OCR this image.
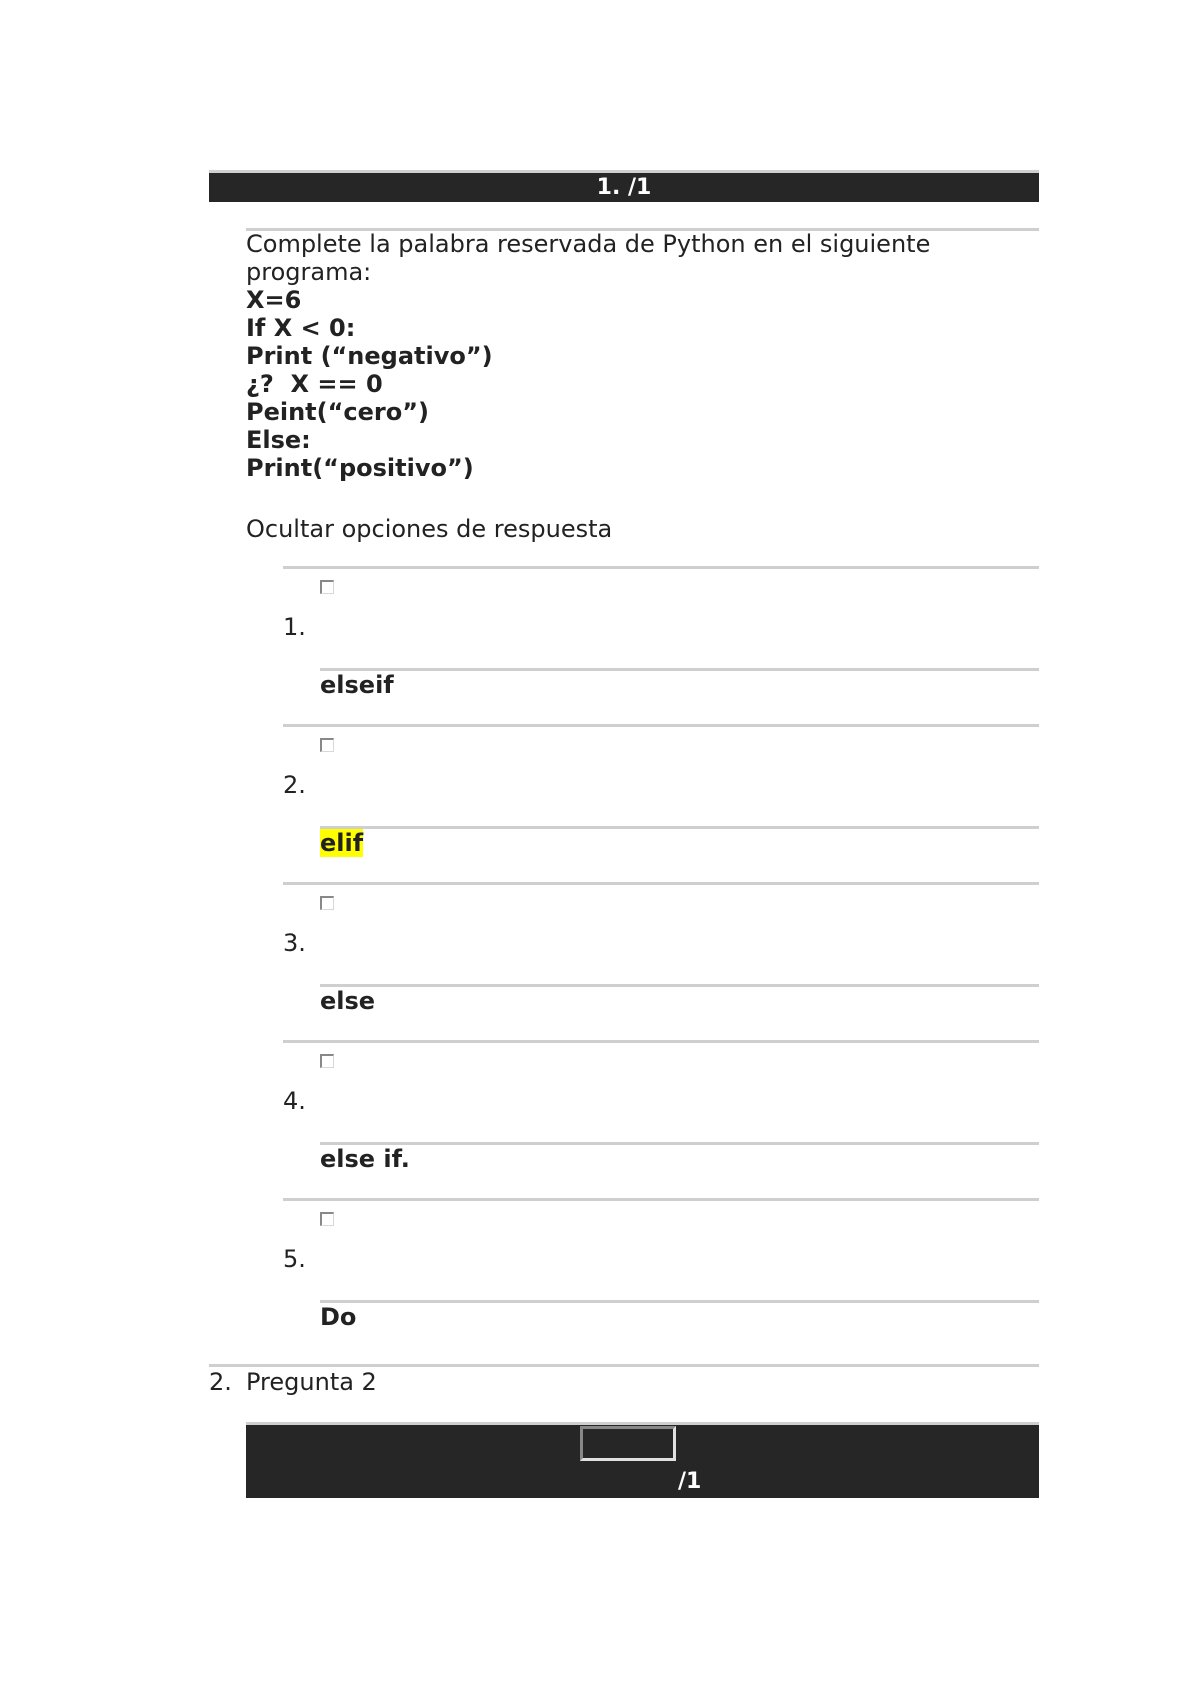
1. /1
Complete la palabra reservada de Python en el siguiente
programa:
X=6
If X < 0:
Print (“negativo”)
¿?  X == 0
Peint(“cero”)
Else:
Print(“positivo”)
Ocultar opciones de respuesta
1.
elseif
2.
elif
3.
else
4.
else if.
5.
Do
2. Pregunta 2
/1
